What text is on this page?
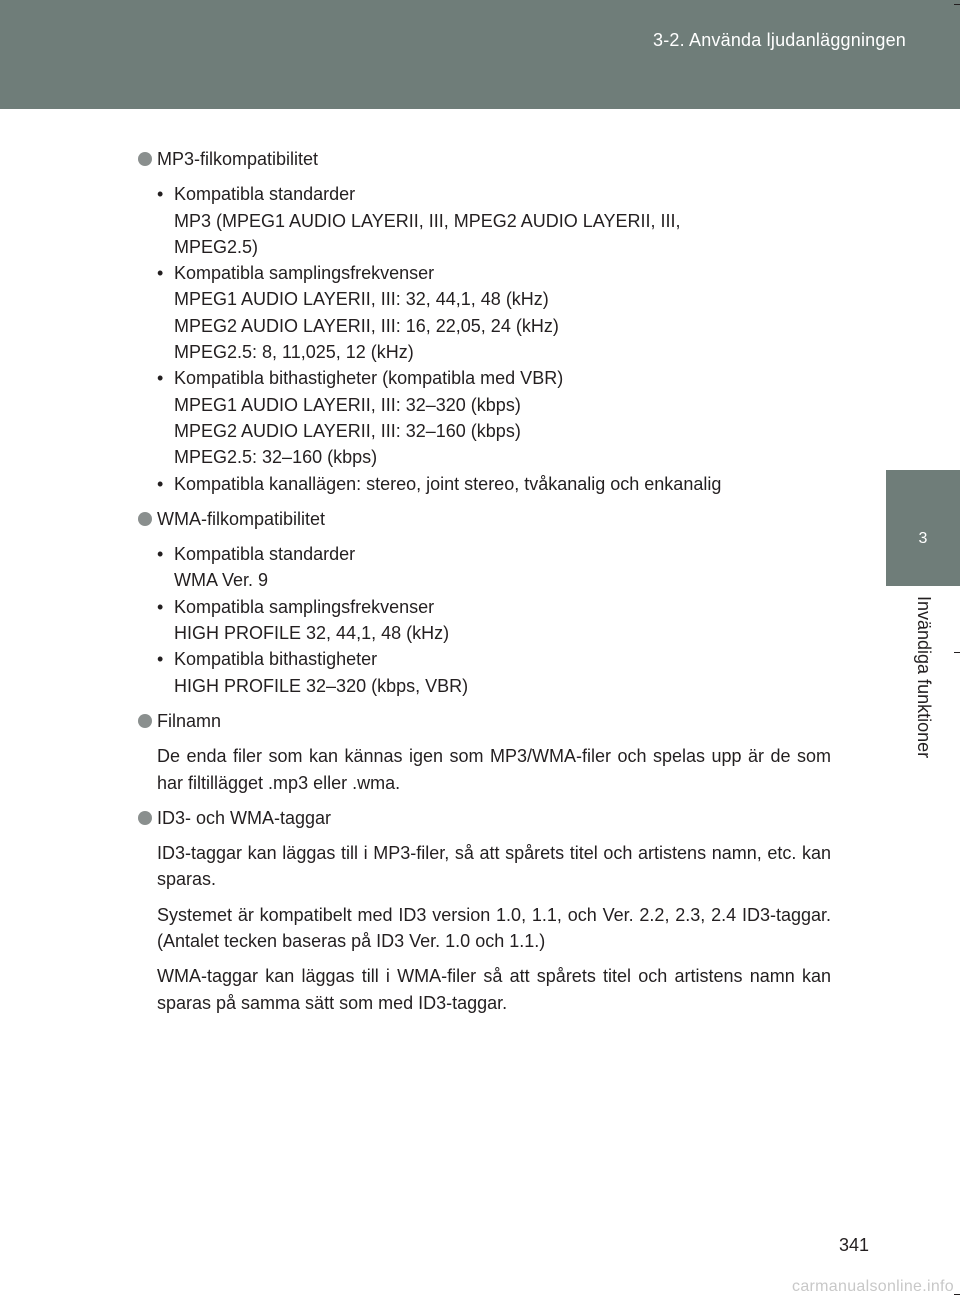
3-2. Använda ljudanläggningen
3
Invändiga funktioner
MP3-filkompatibilitet
• Kompatibla standarder
MP3 (MPEG1 AUDIO LAYERII, III, MPEG2 AUDIO LAYERII, III,
MPEG2.5)
• Kompatibla samplingsfrekvenser
MPEG1 AUDIO LAYERII, III: 32, 44,1, 48 (kHz)
MPEG2 AUDIO LAYERII, III: 16, 22,05, 24 (kHz)
MPEG2.5: 8, 11,025, 12 (kHz)
• Kompatibla bithastigheter (kompatibla med VBR)
MPEG1 AUDIO LAYERII, III: 32–320 (kbps)
MPEG2 AUDIO LAYERII, III: 32–160 (kbps)
MPEG2.5: 32–160 (kbps)
• Kompatibla kanallägen: stereo, joint stereo, tvåkanalig och enkanalig
WMA-filkompatibilitet
• Kompatibla standarder
WMA Ver. 9
• Kompatibla samplingsfrekvenser
HIGH PROFILE 32, 44,1, 48 (kHz)
• Kompatibla bithastigheter
HIGH PROFILE 32–320 (kbps, VBR)
Filnamn
De enda filer som kan kännas igen som MP3/WMA-filer och spelas upp är de som har filtillägget .mp3 eller .wma.
ID3- och WMA-taggar
ID3-taggar kan läggas till i MP3-filer, så att spårets titel och artistens namn, etc. kan sparas.
Systemet är kompatibelt med ID3 version 1.0, 1.1, och Ver. 2.2, 2.3, 2.4 ID3-taggar. (Antalet tecken baseras på ID3 Ver. 1.0 och 1.1.)
WMA-taggar kan läggas till i WMA-filer så att spårets titel och artistens namn kan sparas på samma sätt som med ID3-taggar.
341
carmanualsonline.info
